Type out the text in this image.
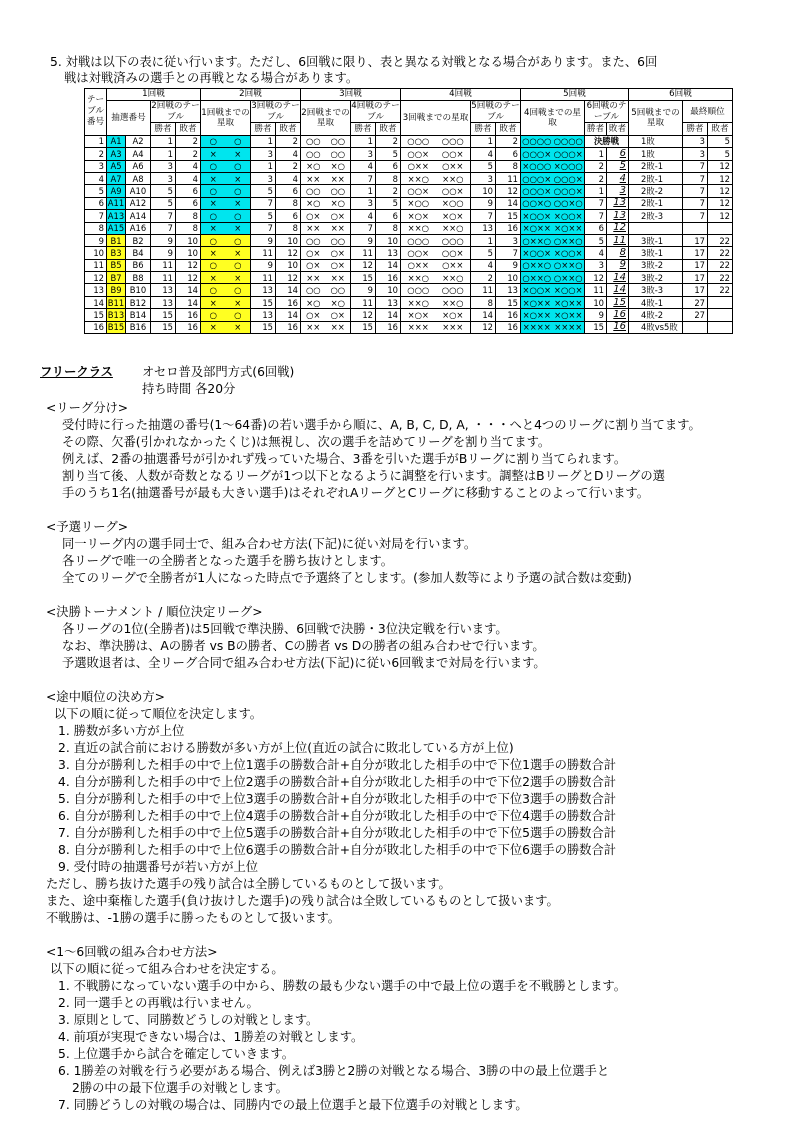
5. 対戦は以下の表に従い行います。ただし、6回戦に限り、表と異なる対戦となる場合があります。また、6回
戦は対戦済みの選手との再戦となる場合があります。
テーブル番号	1回戦				2回戦				3回戦				4回戦				5回戦				6回戦		
	抽選番号		2回戦のテーブル		1回戦までの星取		3回戦のテーブル		2回戦までの星取		4回戦のテーブル		3回戦までの星取		5回戦のテーブル		4回戦までの星取		6回戦のテーブル		5回戦までの星取	最終順位	
			勝者	敗者			勝者	敗者			勝者	敗者			勝者	敗者			勝者	敗者		勝者	敗者
1	A1	A2	1	2	○	○	1	2	○○	○○	1	2	○○○	○○○	1	2	○○○○	○○○○	決勝戦		1敗	3	5
2	A3	A4	1	2	×	×	3	4	○○	○○	3	5	○○×	○○×	4	6	○○○×	○○○×	1	6	1敗	3	5
3	A5	A6	3	4	○	○	1	2	×○	×○	4	6	○××	○××	5	8	×○○○	×○○○	2	5	2敗-1	7	12
4	A7	A8	3	4	×	×	3	4	××	××	7	8	××○	××○	3	11	○○○×	○○○×	2	4	2敗-1	7	12
5	A9	A10	5	6	○	○	5	6	○○	○○	1	2	○○×	○○×	10	12	○○○×	○○○×	1	3	2敗-2	7	12
6	A11	A12	5	6	×	×	7	8	×○	×○	3	5	×○○	×○○	9	14	○○×○	○○×○	7	13	2敗-1	7	12
7	A13	A14	7	8	○	○	5	6	○×	○×	4	6	×○×	×○×	7	15	×○○×	×○○×	7	13	2敗-3	7	12
8	A15	A16	7	8	×	×	7	8	××	××	7	8	××○	××○	13	16	×○××	×○××	6	12			
9	B1	B2	9	10	○	○	9	10	○○	○○	9	10	○○○	○○○	1	3	○××○	○××○	5	11	3敗-1	17	22
10	B3	B4	9	10	×	×	11	12	○×	○×	11	13	○○×	○○×	5	7	×○○×	×○○×	4	8	3敗-1	17	22
11	B5	B6	11	12	○	○	9	10	○×	○×	12	14	○××	○××	4	9	○××○	○××○	3	9	3敗-2	17	22
12	B7	B8	11	12	×	×	11	12	××	××	15	16	××○	××○	2	10	○××○	○××○	12	14	3敗-2	17	22
13	B9	B10	13	14	○	○	13	14	○○	○○	9	10	○○○	○○○	11	13	×○○×	×○○×	11	14	3敗-3	17	22
14	B11	B12	13	14	×	×	15	16	×○	×○	11	13	××○	××○	8	15	×○××	×○××	10	15	4敗-1	27	
15	B13	B14	15	16	○	○	13	14	○×	○×	12	14	×○×	×○×	14	16	×○××	×○××	9	16	4敗-2	27	
16	B15	B16	15	16	×	×	15	16	××	××	15	16	×××	×××	12	16	××××	××××	15	16	4敗vs5敗		
フリークラス	オセロ普及部門方式(6回戦)
持ち時間 各20分
<リーグ分け>

受付時に行った抽選の番号(1～64番)の若い選手から順に、A, B, C, D, A, ・・・へと4つのリーグに割り当てます。

その際、欠番(引かれなかったくじ)は無視し、次の選手を詰めてリーグを割り当てます。

例えば、2番の抽選番号が引かれず残っていた場合、3番を引いた選手がBリーグに割り当てられます。

割り当て後、人数が奇数となるリーグが1つ以下となるように調整を行います。調整はBリーグとDリーグの選

手のうち1名(抽選番号が最も大きい選手)はそれぞれAリーグとCリーグに移動することのよって行います。

<予選リーグ>

同一リーグ内の選手同士で、組み合わせ方法(下記)に従い対局を行います。

各リーグで唯一の全勝者となった選手を勝ち抜けとします。

全てのリーグで全勝者が1人になった時点で予選終了とします。(参加人数等により予選の試合数は変動)

<決勝トーナメント / 順位決定リーグ>

各リーグの1位(全勝者)は5回戦で準決勝、6回戦で決勝・3位決定戦を行います。

なお、準決勝は、Aの勝者 vs Bの勝者、Cの勝者 vs Dの勝者の組み合わせで行います。

予選敗退者は、全リーグ合同で組み合わせ方法(下記)に従い6回戦まで対局を行います。

<途中順位の決め方>

以下の順に従って順位を決定します。

1. 勝数が多い方が上位

2. 直近の試合前における勝数が多い方が上位(直近の試合に敗北している方が上位)

3. 自分が勝利した相手の中で上位1選手の勝数合計+自分が敗北した相手の中で下位1選手の勝数合計

4. 自分が勝利した相手の中で上位2選手の勝数合計+自分が敗北した相手の中で下位2選手の勝数合計

5. 自分が勝利した相手の中で上位3選手の勝数合計+自分が敗北した相手の中で下位3選手の勝数合計

6. 自分が勝利した相手の中で上位4選手の勝数合計+自分が敗北した相手の中で下位4選手の勝数合計

7. 自分が勝利した相手の中で上位5選手の勝数合計+自分が敗北した相手の中で下位5選手の勝数合計

8. 自分が勝利した相手の中で上位6選手の勝数合計+自分が敗北した相手の中で下位6選手の勝数合計

9. 受付時の抽選番号が若い方が上位

ただし、勝ち抜けた選手の残り試合は全勝しているものとして扱います。

また、途中棄権した選手(負け抜けした選手)の残り試合は全敗しているものとして扱います。

不戦勝は、-1勝の選手に勝ったものとして扱います。

<1～6回戦の組み合わせ方法>

以下の順に従って組み合わせを決定する。

1. 不戦勝になっていない選手の中から、勝数の最も少ない選手の中で最上位の選手を不戦勝とします。

2. 同一選手との再戦は行いません。

3. 原則として、同勝数どうしの対戦とします。

4. 前項が実現できない場合は、1勝差の対戦とします。

5. 上位選手から試合を確定していきます。

6. 1勝差の対戦を行う必要がある場合、例えば3勝と2勝の対戦となる場合、3勝の中の最上位選手と

2勝の中の最下位選手の対戦とします。

7. 同勝どうしの対戦の場合は、同勝内での最上位選手と最下位選手の対戦とします。
